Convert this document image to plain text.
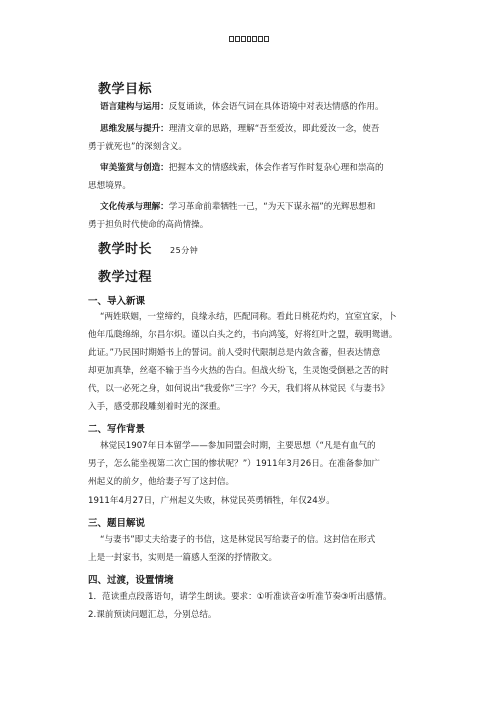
教学目标
语言建构与运用：反复诵读，体会语气词在具体语境中对表达情感的作用。
思维发展与提升：理清文章的思路，理解“吾至爱汝，即此爱汝一念，使吾
勇于就死也”的深刻含义。
审美鉴赏与创造：把握本文的情感线索，体会作者写作时复杂心理和崇高的
思想境界。
文化传承与理解：学习革命前辈牺牲一己，“为天下谋永福”的光辉思想和
勇于担负时代使命的高尚情操。
教学时长 25分钟
教学过程
一、导入新课
“两姓联姻，一堂缔约，良缘永结，匹配同称。看此日桃花灼灼，宜室宜家，卜
他年瓜瓞绵绵，尔昌尔炽。谨以白头之约，书向鸿笺，好将红叶之盟，载明鸳谱。
此证。”乃民国时期婚书上的誓词。前人受时代限制总是内敛含蓄，但表达情意
却更加真挚，丝毫不输于当今火热的告白。但战火纷飞，生灵饱受倒悬之苦的时
代，以一必死之身，如何说出“我爱你”三字？今天，我们将从林觉民《与妻书》
入手，感受那段雕刻着时光的深重。
二、写作背景
林觉民1907年日本留学——参加同盟会时期，主要思想（“凡是有血气的
男子，怎么能坐视第二次亡国的惨状呢？”）1911年3月26日。在准备参加广
州起义的前夕，他给妻子写了这封信。
1911年4月27日，广州起义失败，林觉民英勇牺牲，年仅24岁。
三、题目解说
“与妻书”即丈夫给妻子的书信，这是林觉民写给妻子的信。这封信在形式
上是一封家书，实则是一篇感人至深的抒情散文。
四、过渡，设置情境
1．范读重点段落语句，请学生朗读。要求：①听准读音②听准节奏③听出感情。
2.课前预读问题汇总，分别总结。
